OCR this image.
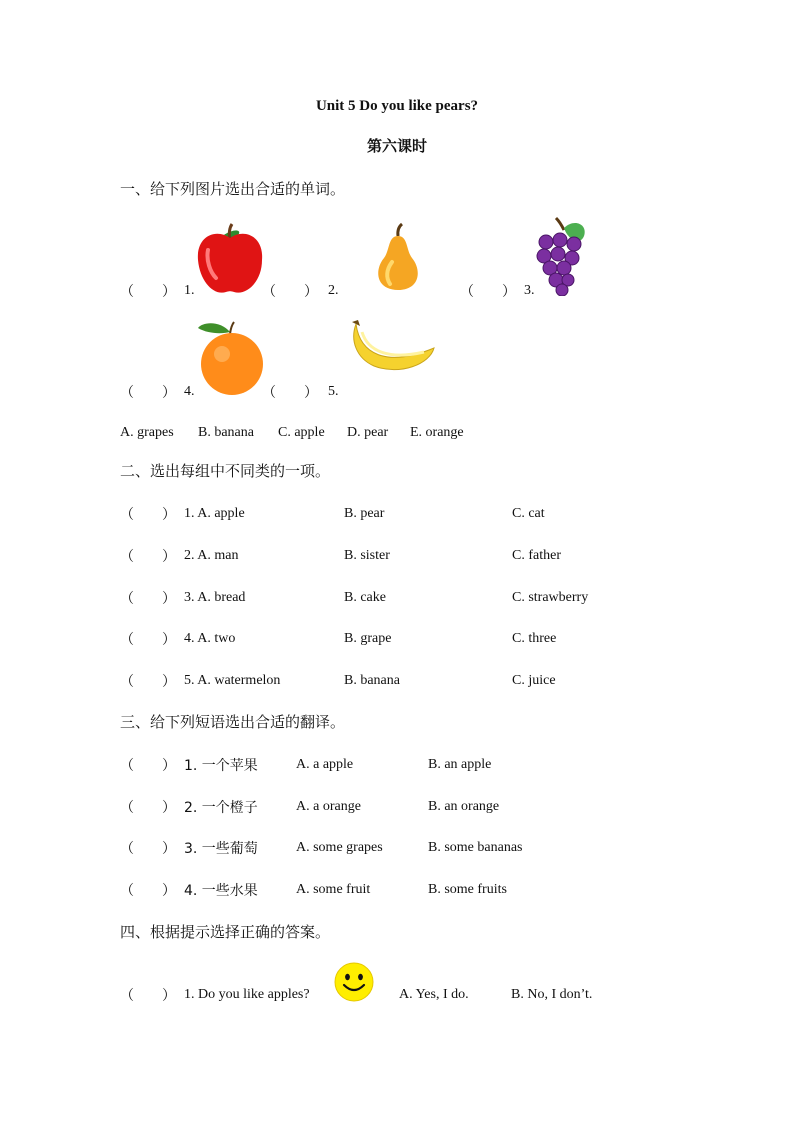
Unit 5 Do you like pears?
第六课时
一、给下列图片选出合适的单词。
（　　） 1.	（　　） 2.	（　　） 3.
（　　） 4.	（　　） 5.
A. grapes B. banana C. apple D. pear E. orange
二、选出每组中不同类的一项。
（　　） 1. A. apple	B. pear	C. cat
（　　） 2. A. man	B. sister	C. father
（　　） 3. A. bread	B. cake	C. strawberry
（　　） 4. A. two	B. grape	C. three
（　　） 5. A. watermelon	B. banana	C. juice
三、给下列短语选出合适的翻译。
（　　） 1. 一个苹果	A. a apple	B. an apple
（　　） 2. 一个橙子	A. a orange	B. an orange
（　　） 3. 一些葡萄	A. some grapes	B. some bananas
（　　） 4. 一些水果	A. some fruit	B. some fruits
四、根据提示选择正确的答案。
（　　） 1. Do you like apples?	A. Yes, I do.	B. No, I don’t.
